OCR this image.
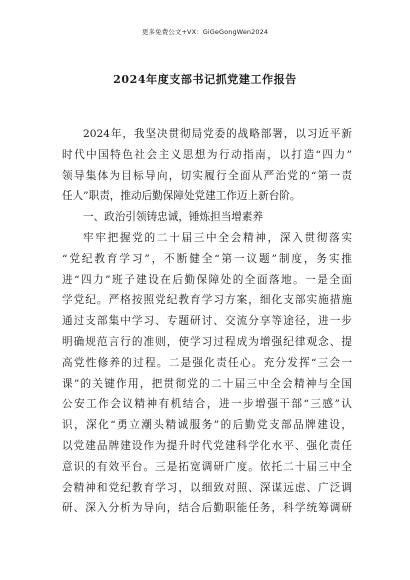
更多免费公文+VX：GiGeGongWen2024
2024年度支部书记抓党建工作报告
2024年，我坚决贯彻局党委的战略部署，以习近平新
时代中国特色社会主义思想为行动指南，以打造“四力”
领导集体为目标导向，切实履行全面从严治党的“第一责
任人”职责，推动后勤保障处党建工作迈上新台阶。
一、政治引领铸忠诚，锤炼担当增素养
牢牢把握党的二十届三中全会精神，深入贯彻落实
“党纪教育学习”，不断健全“第一议题”制度，务实推
进“四力”班子建设在后勤保障处的全面落地。一是全面
学党纪。严格按照党纪教育学习方案，细化支部实施措施
通过支部集中学习、专题研讨、交流分享等途径，进一步
明确规范言行的准则，使学习过程成为增强纪律观念、提
高党性修养的过程。二是强化责任心。充分发挥“三会一
课”的关键作用，把贯彻党的二十届三中全会精神与全国
公安工作会议精神有机结合，进一步增强干部“三感”认
识，深化“勇立潮头精诚服务”的后勤党支部品牌建设，
以党建品牌建设作为提升时代党建科学化水平、强化责任
意识的有效平台。三是拓宽调研广度。依托二十届三中全
会精神和党纪教育学习，以细致对照、深谋远虑、广泛调
研、深入分析为导向，结合后勤职能任务，科学统筹调研
